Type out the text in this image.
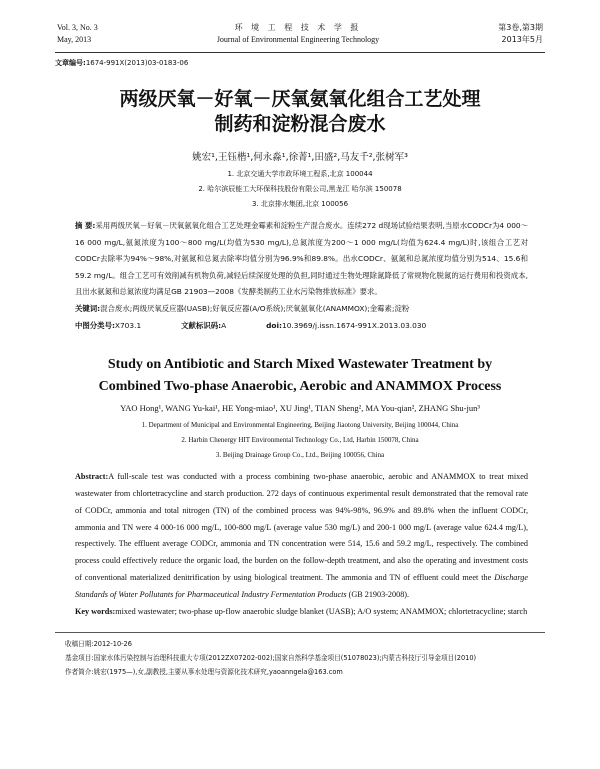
Vol. 3, No. 3
May, 2013
环 境 工 程 技 术 学 报
Journal of Environmental Engineering Technology
第3卷,第3期
2013年5月
文章编号:1674-991X(2013)03-0183-06
两级厌氧－好氧－厌氧氨氧化组合工艺处理
制药和淀粉混合废水
姚宏¹,王钰楷¹,何永淼¹,徐菁¹,田盛²,马友千²,张树军³
1. 北京交通大学市政环境工程系,北京 100044
2. 哈尔滨辰能工大环保科技股份有限公司,黑龙江 哈尔滨 150078
3. 北京排水集团,北京 100056
摘 要:采用两级厌氧－好氧－厌氧氨氧化组合工艺处理金霉素和淀粉生产混合废水。连续272 d现场试验结果表明,当原水CODCr为4 000～16 000 mg/L,氨氮浓度为100～800 mg/L(均值为530 mg/L),总氮浓度为200～1 000 mg/L(均值为624.4 mg/L)时,该组合工艺对CODCr去除率为94%～98%,对氨氮和总氮去除率均值分别为96.9%和89.8%。出水CODCr、氨氮和总氮浓度均值分别为514、15.6和59.2 mg/L。组合工艺可有效削减有机物负荷,减轻后续深度处理的负担,同时通过生物处理除氮降低了常规物化脱氮的运行费用和投资成本,且出水氨氮和总氮浓度均满足GB 21903—2008《发酵类制药工业水污染物排放标准》要求。
关键词:混合废水;两级厌氧反应器(UASB);好氧反应器(A/O系统);厌氧氨氧化(ANAMMOX);金霉素;淀粉
中图分类号:X703.1	文献标识码:A	doi:10.3969/j.issn.1674-991X.2013.03.030
Study on Antibiotic and Starch Mixed Wastewater Treatment by
Combined Two-phase Anaerobic, Aerobic and ANAMMOX Process
YAO Hong¹, WANG Yu-kai¹, HE Yong-miao¹, XU Jing¹, TIAN Sheng², MA You-qian², ZHANG Shu-jun³
1. Department of Municipal and Environmental Engineering, Beijing Jiaotong University, Beijing 100044, China
2. Harbin Chenergy HIT Environmental Technology Co., Ltd, Harbin 150078, China
3. Beijing Drainage Group Co., Ltd., Beijing 100056, China
Abstract:A full-scale test was conducted with a process combining two-phase anaerobic, aerobic and ANAMMOX to treat mixed wastewater from chlortetracycline and starch production. 272 days of continuous experimental result demonstrated that the removal rate of CODCr, ammonia and total nitrogen (TN) of the combined process was 94%-98%, 96.9% and 89.8% when the influent CODCr, ammonia and TN were 4 000-16 000 mg/L, 100-800 mg/L (average value 530 mg/L) and 200-1 000 mg/L (average value 624.4 mg/L), respectively. The effluent average CODCr, ammonia and TN concentration were 514, 15.6 and 59.2 mg/L, respectively. The combined process could effectively reduce the organic load, the burden on the follow-depth treatment, and also the operating and investment costs of conventional materialized denitrification by using biological treatment. The ammonia and TN of effluent could meet the Discharge Standards of Water Pollutants for Pharmaceutical Industry Fermentation Products (GB 21903-2008).
Key words:mixed wastewater; two-phase up-flow anaerobic sludge blanket (UASB); A/O system; ANAMMOX; chlortetracycline; starch
收稿日期:2012-10-26
基金项目:国家水体污染控制与治理科技重大专项(2012ZX07202-002);国家自然科学基金项目(51078023);内蒙古科技厅引导金项目(2010)
作者简介:姚宏(1975—),女,副教授,主要从事水处理与资源化技术研究,yaoanngela@163.com
